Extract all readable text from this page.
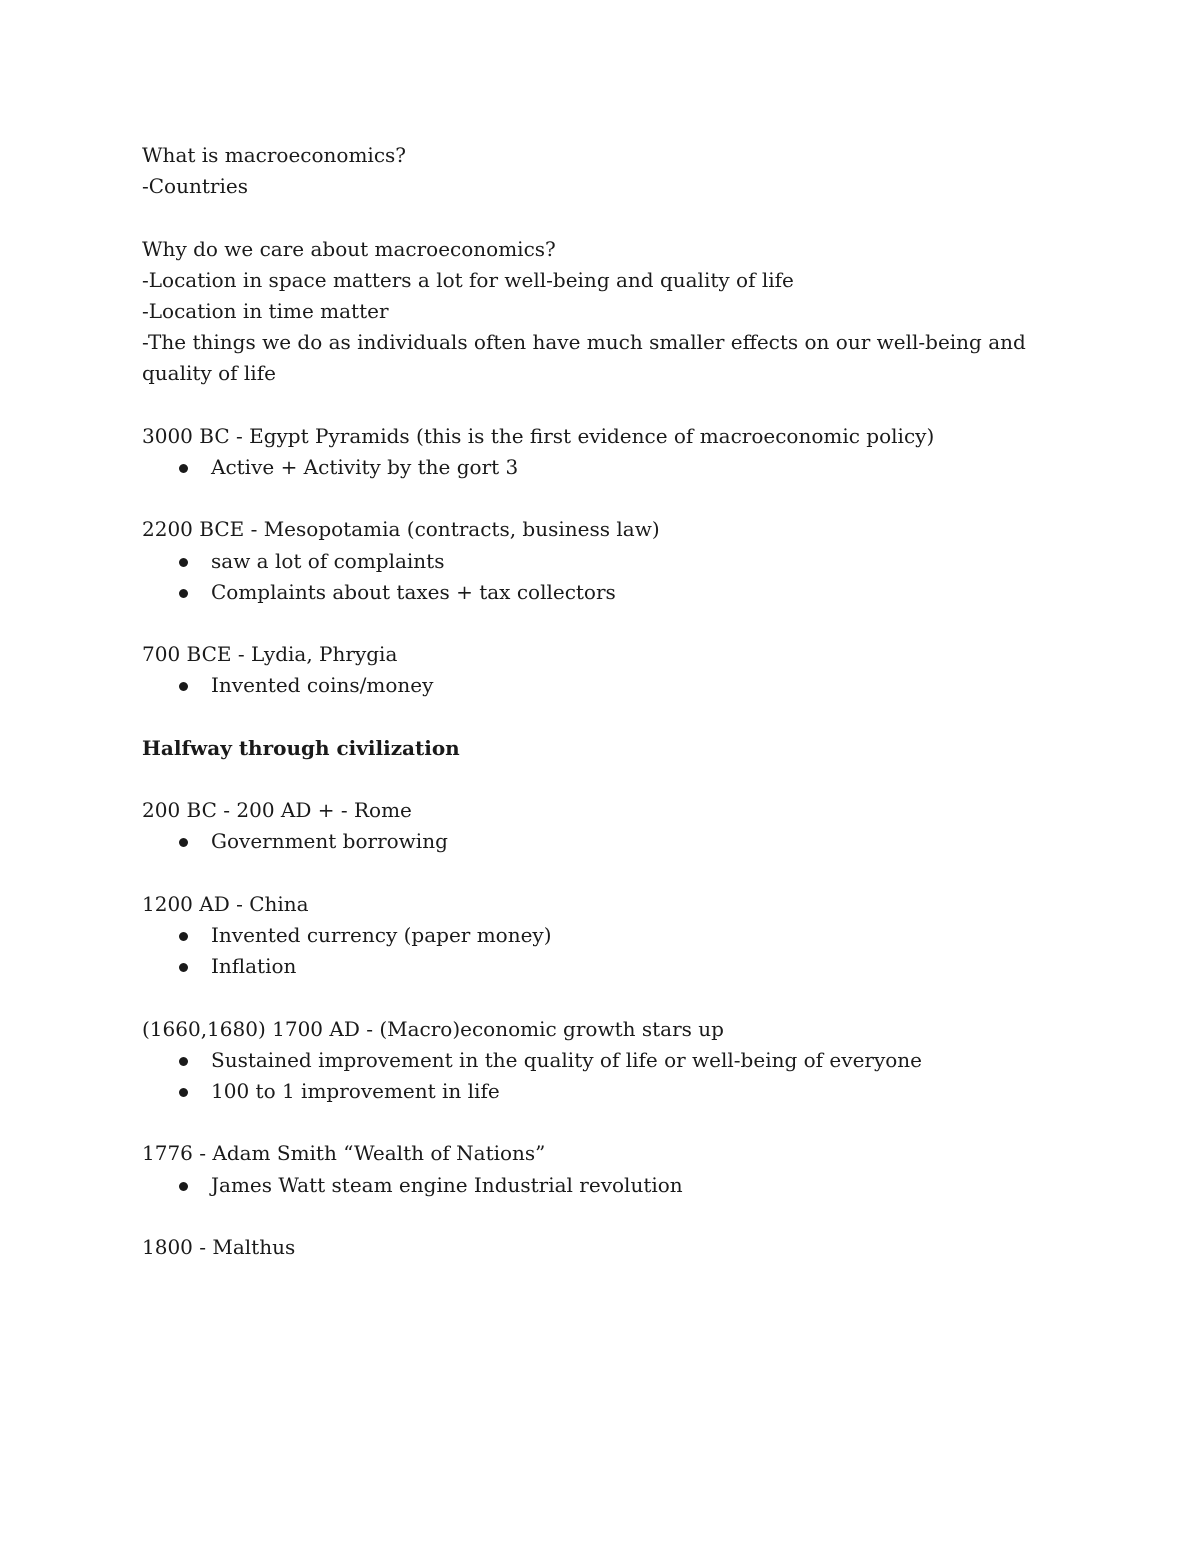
What is macroeconomics?

-Countries

Why do we care about macroeconomics?

-Location in space matters a lot for well-being and quality of life

-Location in time matter

-The things we do as individuals often have much smaller effects on our well-being and quality of life

3000 BC - Egypt Pyramids (this is the first evidence of macroeconomic policy)

Active + Activity by the gort 3

2200 BCE - Mesopotamia (contracts, business law)

saw a lot of complaints
Complaints about taxes + tax collectors

700 BCE - Lydia, Phrygia

Invented coins/money

Halfway through civilization

200 BC - 200 AD + - Rome

Government borrowing

1200 AD - China

Invented currency (paper money)
Inflation

(1660,1680) 1700 AD - (Macro)economic growth stars up

Sustained improvement in the quality of life or well-being of everyone
100 to 1 improvement in life

1776 - Adam Smith “Wealth of Nations”

James Watt steam engine Industrial revolution

1800 - Malthus
